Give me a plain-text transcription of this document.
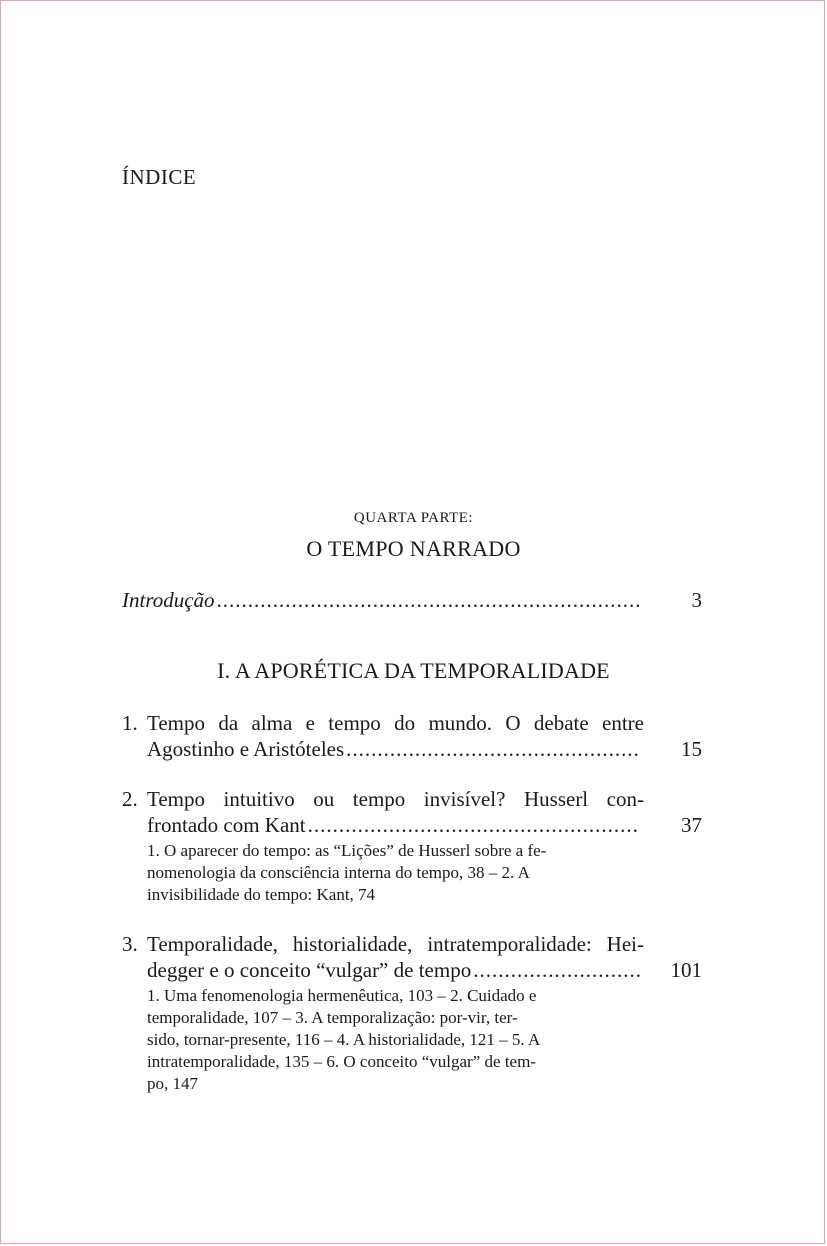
ÍNDICE
QUARTA PARTE:
O TEMPO NARRADO
Introdução .....	3
I. A APORÉTICA DA TEMPORALIDADE
1. Tempo da alma e tempo do mundo. O debate entre
Agostinho e Aristóteles .....	15
2. Tempo intuitivo ou tempo invisível? Husserl con-
frontado com Kant .....	37
1. O aparecer do tempo: as “Lições” de Husserl sobre a fe-
nomenologia da consciência interna do tempo, 38 – 2. A
invisibilidade do tempo: Kant, 74
3. Temporalidade, historialidade, intratemporalidade: Hei-
degger e o conceito “vulgar” de tempo .....	101
1. Uma fenomenologia hermenêutica, 103 – 2. Cuidado e
temporalidade, 107 – 3. A temporalização: por-vir, ter-
sido, tornar-presente, 116 – 4. A historialidade, 121 – 5. A
intratemporalidade, 135 – 6. O conceito “vulgar” de tem-
po, 147
